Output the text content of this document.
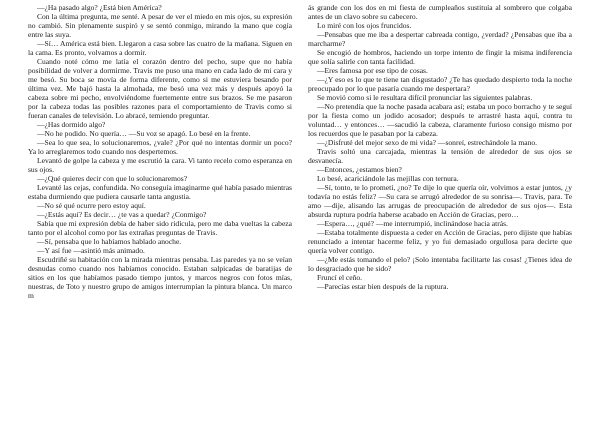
—¿Ha pasado algo? ¿Está bien América?

Con la última pregunta, me senté. A pesar de ver el miedo en mis ojos, su expresión no cambió. Sin plenamente suspiró y se sentó conmigo, mirando la mano que cogía entre las suya.

—Sí… América está bien. Llegaron a casa sobre las cuatro de la mañana. Siguen en la cama. Es pronto, volvamos a dormir.

Cuando noté cómo me latía el corazón dentro del pecho, supe que no había posibilidad de volver a dormirme. Travis me puso una mano en cada lado de mi cara y me besó. Su boca se movía de forma diferente, como si me estuviera besando por última vez. Me bajó hasta la almohada, me besó una vez más y después apoyó la cabeza sobre mi pecho, envolviéndome fuertemente entre sus brazos. Se me pasaron por la cabeza todas las posibles razones para el comportamiento de Travis como si fueran canales de televisión. Lo abracé, temiendo preguntar.

—¿Has dormido algo?

—No he podido. No quería… —Su voz se apagó. Lo besé en la frente.

—Sea lo que sea, lo solucionaremos, ¿vale? ¿Por qué no intentas dormir un poco? Ya lo arreglaremos todo cuando nos despertemos.

Levantó de golpe la cabeza y me escrutió la cara. Vi tanto recelo como esperanza en sus ojos.

—¿Qué quieres decir con que lo solucionaremos?

Levanté las cejas, confundida. No conseguía imaginarme qué había pasado mientras estaba durmiendo que pudiera causarle tanta angustia.

—No sé qué ocurre pero estoy aquí.

—¿Estás aquí? Es decir… ¿te vas a quedar? ¿Conmigo?

Sabía que mi expresión debía de haber sido ridícula, pero me daba vueltas la cabeza tanto por el alcohol como por las extrañas preguntas de Travis.

—Sí, pensaba que lo habíamos hablado anoche.

—Y así fue —asintió más animado.

Escudriñé su habitación con la mirada mientras pensaba. Las paredes ya no se veían desnudas como cuando nos habíamos conocido. Estaban salpicadas de baratijas de sitios en los que habíamos pasado tiempo juntos, y marcos negros con fotos mías, nuestras, de Toto y nuestro grupo de amigos interrumpían la pintura blanca. Un marco m

ás grande con los dos en mi fiesta de cumpleaños sustituía al sombrero que colgaba antes de un clavo sobre su cabecero.

Lo miré con los ojos fruncidos.

—Pensabas que me iba a despertar cabreada contigo, ¿verdad? ¿Pensabas que iba a marcharme?

Se encogió de hombros, haciendo un torpe intento de fingir la misma indiferencia que solía salirle con tanta facilidad.

—Eres famosa por ese tipo de cosas.

—¿Y eso es lo que te tiene tan disgustado? ¿Te has quedado despierto toda la noche preocupado por lo que pasaría cuando me despertara?

Se movió como si le resultara difícil pronunciar las siguientes palabras.

—No pretendía que la noche pasada acabara así; estaba un poco borracho y te seguí por la fiesta como un jodido acosador; después te arrastré hasta aquí, contra tu voluntad… y entonces… —sacudió la cabeza, claramente furioso consigo mismo por los recuerdos que le pasaban por la cabeza.

—¿Disfruté del mejor sexo de mi vida? —sonreí, estrechándole la mano.

Travis soltó una carcajada, mientras la tensión de alrededor de sus ojos se desvanecía.

—Entonces, ¿estamos bien?

Lo besé, acariciándole las mejillas con ternura.

—Sí, tonto, te lo prometí, ¿no? Te dije lo que quería oír, volvimos a estar juntos, ¿y todavía no estás feliz? —Su cara se arrugó alrededor de su sonrisa—. Travis, para. Te amo —dije, alisando las arrugas de preocupación de alrededor de sus ojos—. Esta absurda ruptura podría haberse acabado en Acción de Gracias, pero…

—Espera…, ¿qué? —me interrumpió, inclinándose hacia atrás.

—Estaba totalmente dispuesta a ceder en Acción de Gracias, pero dijiste que habías renunciado a intentar hacerme feliz, y yo fui demasiado orgullosa para decirte que quería volver contigo.

—¿Me estás tomando el pelo? ¡Solo intentaba facilitarte las cosas! ¿Tienes idea de lo desgraciado que he sido?

Fruncí el ceño.

—Parecías estar bien después de la ruptura.
